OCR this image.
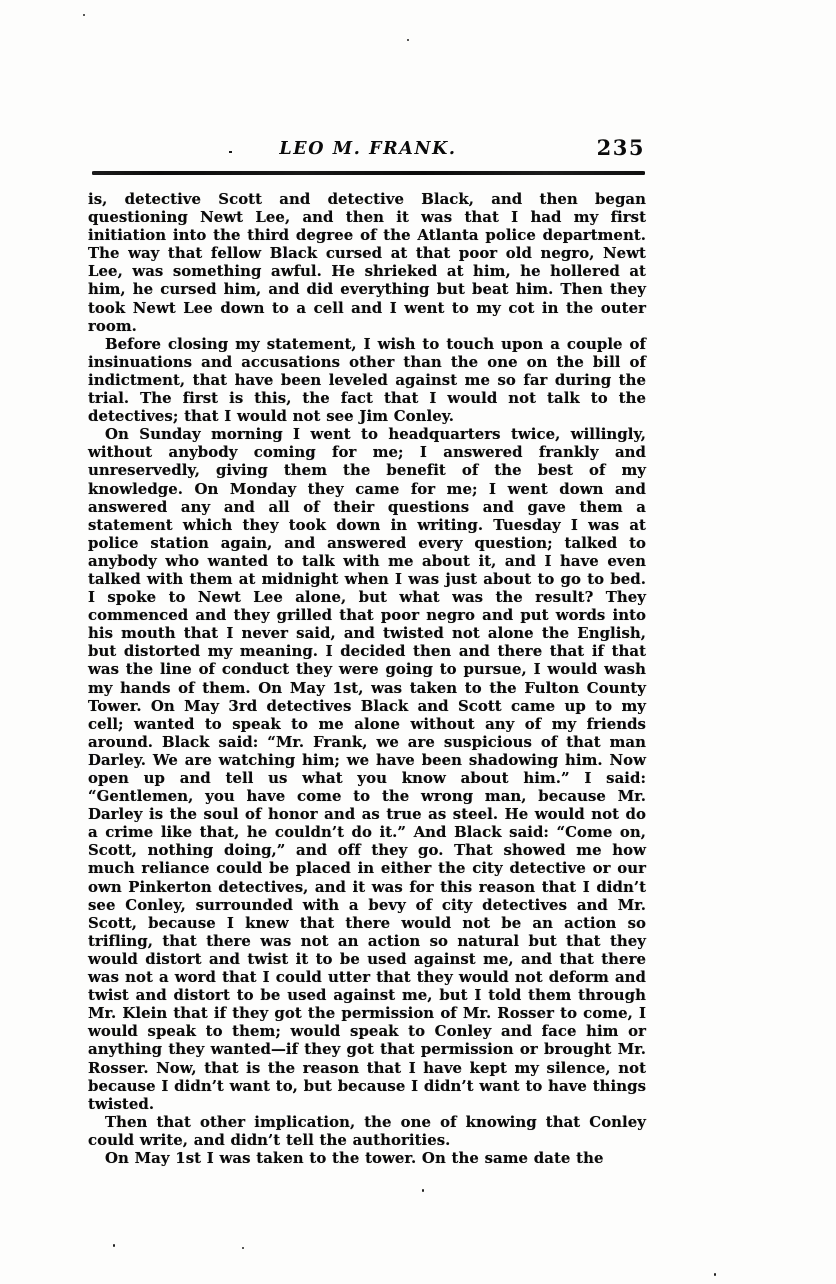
LEO M. FRANK.	235

is, detective Scott and detective Black, and then began questioning Newt Lee, and then it was that I had my first initiation into the third degree of the Atlanta police department. The way that fellow Black cursed at that poor old negro, Newt Lee, was something awful. He shrieked at him, he hollered at him, he cursed him, and did everything but beat him. Then they took Newt Lee down to a cell and I went to my cot in the outer room.

Before closing my statement, I wish to touch upon a couple of insinuations and accusations other than the one on the bill of indictment, that have been leveled against me so far during the trial. The first is this, the fact that I would not talk to the detectives; that I would not see Jim Conley.

On Sunday morning I went to headquarters twice, willingly, without anybody coming for me; I answered frankly and unreservedly, giving them the benefit of the best of my knowledge. On Monday they came for me; I went down and answered any and all of their questions and gave them a statement which they took down in writing. Tuesday I was at police station again, and answered every question; talked to anybody who wanted to talk with me about it, and I have even talked with them at midnight when I was just about to go to bed. I spoke to Newt Lee alone, but what was the result? They commenced and they grilled that poor negro and put words into his mouth that I never said, and twisted not alone the English, but distorted my meaning. I decided then and there that if that was the line of conduct they were going to pursue, I would wash my hands of them. On May 1st, was taken to the Fulton County Tower. On May 3rd detectives Black and Scott came up to my cell; wanted to speak to me alone without any of my friends around. Black said: “Mr. Frank, we are suspicious of that man Darley. We are watching him; we have been shadowing him. Now open up and tell us what you know about him.” I said: “Gentlemen, you have come to the wrong man, because Mr. Darley is the soul of honor and as true as steel. He would not do a crime like that, he couldn’t do it.” And Black said: “Come on, Scott, nothing doing,” and off they go. That showed me how much reliance could be placed in either the city detective or our own Pinkerton detectives, and it was for this reason that I didn’t see Conley, surrounded with a bevy of city detectives and Mr. Scott, because I knew that there would not be an action so trifling, that there was not an action so natural but that they would distort and twist it to be used against me, and that there was not a word that I could utter that they would not deform and twist and distort to be used against me, but I told them through Mr. Klein that if they got the permission of Mr. Rosser to come, I would speak to them; would speak to Conley and face him or anything they wanted—if they got that permission or brought Mr. Rosser. Now, that is the reason that I have kept my silence, not because I didn’t want to, but because I didn’t want to have things twisted.

Then that other implication, the one of knowing that Conley could write, and didn’t tell the authorities.

On May 1st I was taken to the tower. On the same date the
